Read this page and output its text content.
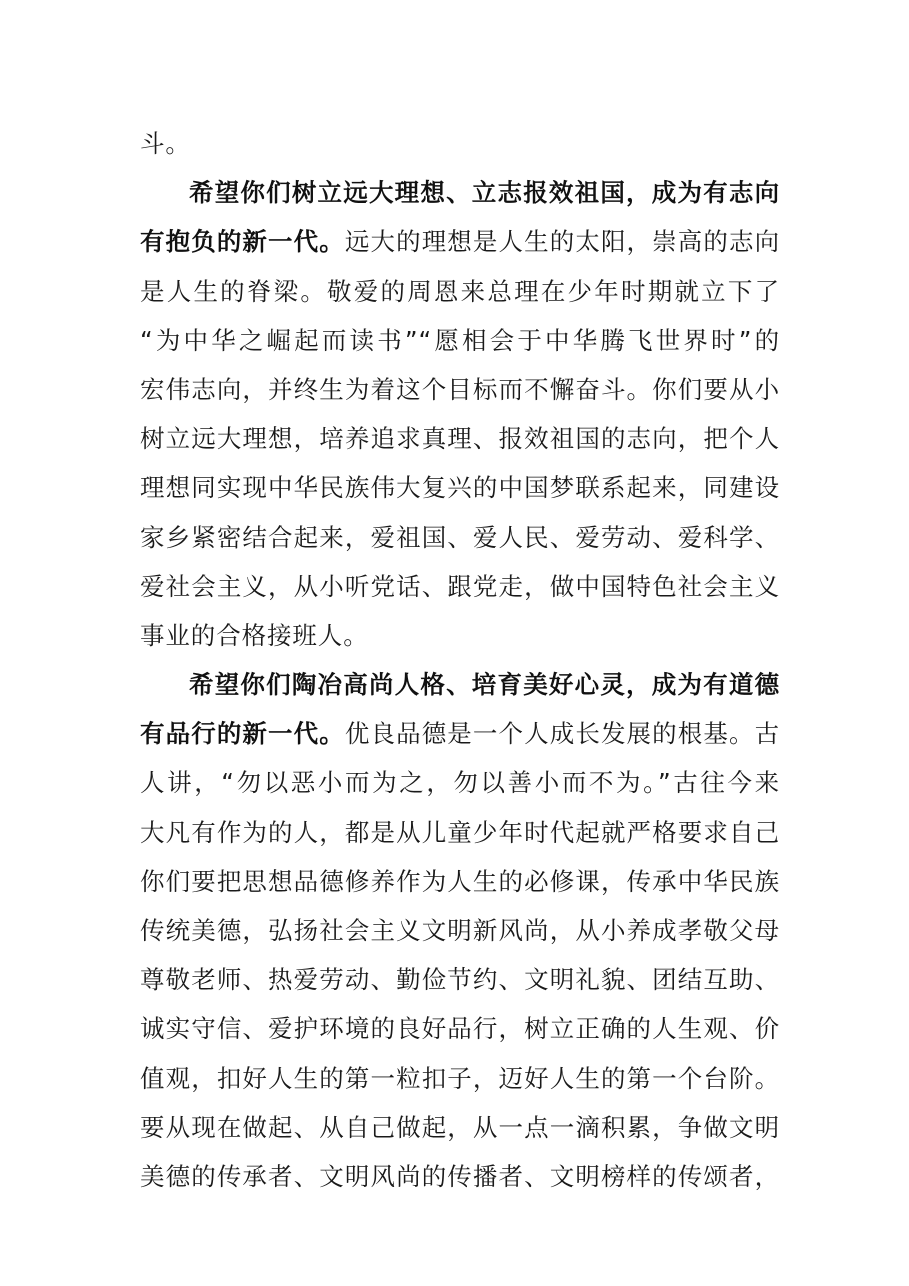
斗。
希望你们树立远大理想、立志报效祖国，成为有志向
有抱负的新一代。远大的理想是人生的太阳，崇高的志向
是人生的脊梁。敬爱的周恩来总理在少年时期就立下了
“为中华之崛起而读书”“愿相会于中华腾飞世界时”的
宏伟志向，并终生为着这个目标而不懈奋斗。你们要从小
树立远大理想，培养追求真理、报效祖国的志向，把个人
理想同实现中华民族伟大复兴的中国梦联系起来，同建设
家乡紧密结合起来，爱祖国、爱人民、爱劳动、爱科学、
爱社会主义，从小听党话、跟党走，做中国特色社会主义
事业的合格接班人。
希望你们陶冶高尚人格、培育美好心灵，成为有道德
有品行的新一代。优良品德是一个人成长发展的根基。古
人讲，“勿以恶小而为之，勿以善小而不为。”古往今来
大凡有作为的人，都是从儿童少年时代起就严格要求自己
你们要把思想品德修养作为人生的必修课，传承中华民族
传统美德，弘扬社会主义文明新风尚，从小养成孝敬父母
尊敬老师、热爱劳动、勤俭节约、文明礼貌、团结互助、
诚实守信、爱护环境的良好品行，树立正确的人生观、价
值观，扣好人生的第一粒扣子，迈好人生的第一个台阶。
要从现在做起、从自己做起，从一点一滴积累，争做文明
美德的传承者、文明风尚的传播者、文明榜样的传颂者，
